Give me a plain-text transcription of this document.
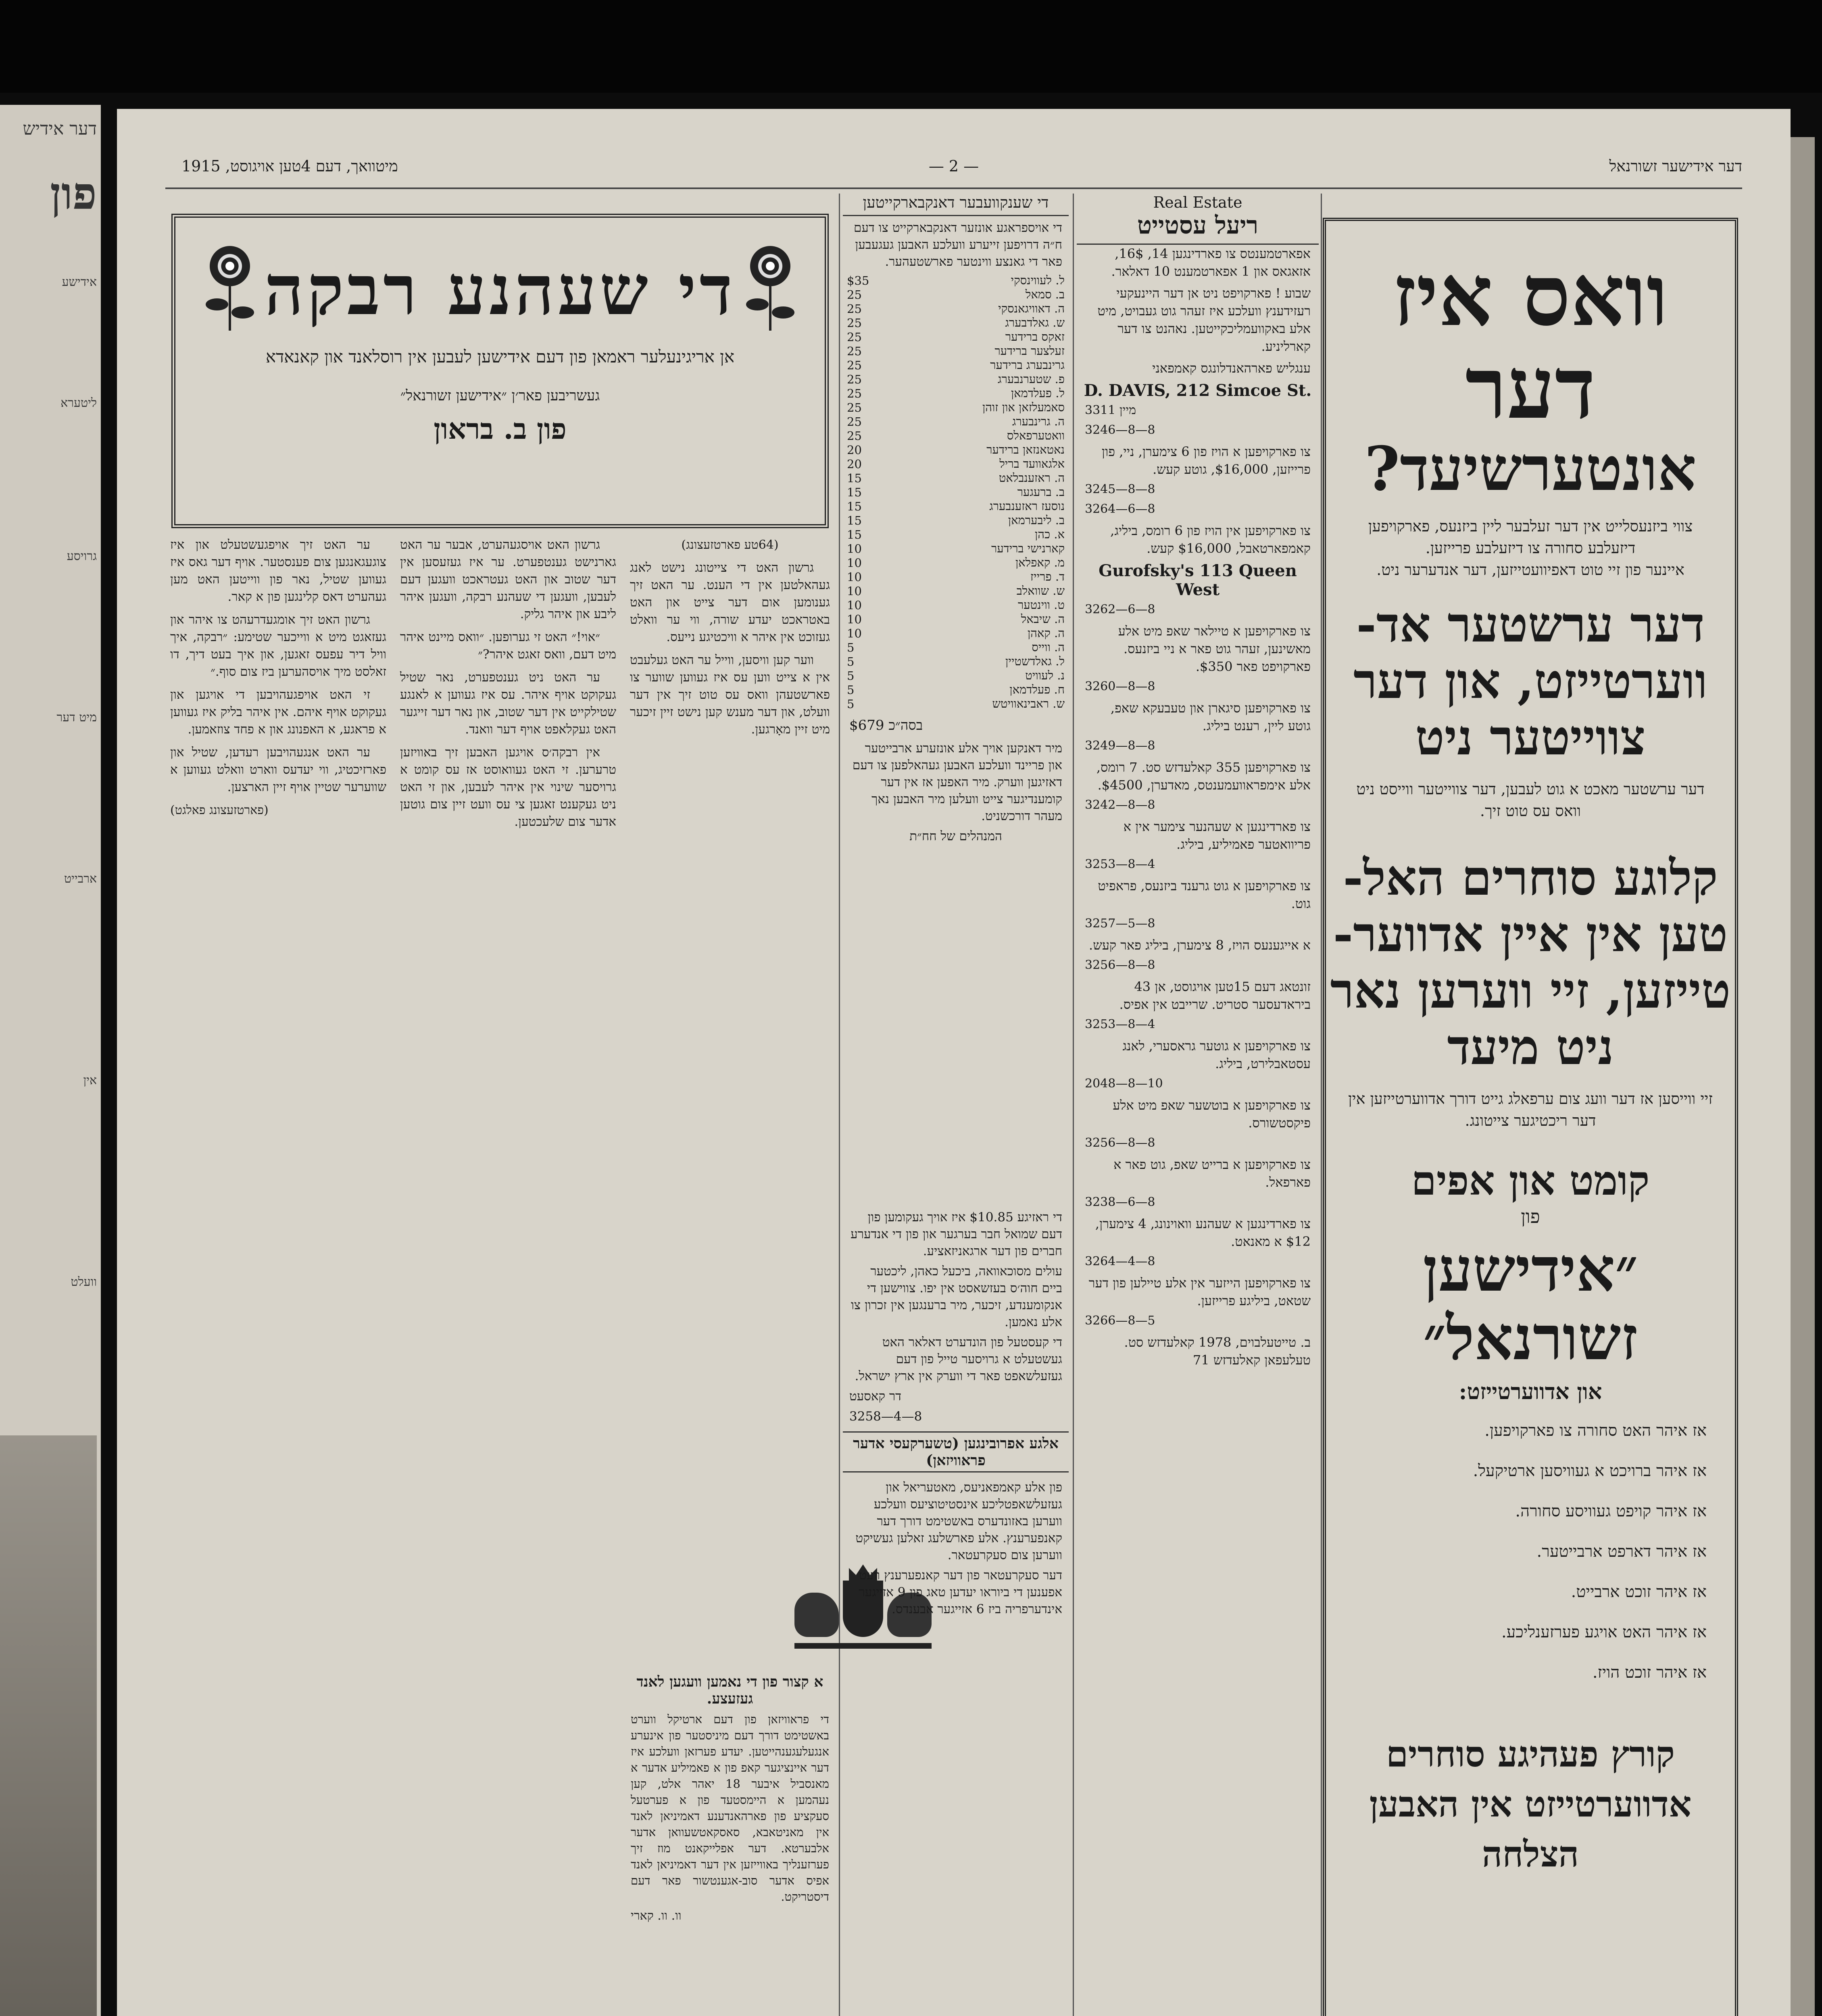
דער אידיש
פון
אידישע
ליטערא
גרויסע
מיט דער
ארבייט
אין
וועלט
דער אידישער זשורנאל
— 2 —
מיטוואך, דעם 4טען אויגוסט, 1915
די שעהנע רבקה
אן אריגינעלער ראמאן פון דעם אידישען לעבען אין רוסלאנד און קאנאדא
געשריבען פאר׳ן ״אידישען זשורנאל״
פון ב. בראון

ער האט זיך אויפגעשטעלט און איז צוגעגאנגען צום פענסטער. אויף דער גאס איז געווען שטיל, נאר פון ווייטען האט מען געהערט דאס קלינגען פון א קאר.

גרשון האט זיך אומגעדרעהט צו איהר און געזאגט מיט א ווייכער שטימע: ״רבקה, איך וויל דיר עפעס זאגען, און איך בעט דיך, דו זאלסט מיך אויסהערען ביז צום סוף.״

זי האט אויפגעהויבען די אויגען און געקוקט אויף איהם. אין איהר בליק איז געווען א פראגע, א האפנונג און א פחד צוזאמען.

ער האט אנגעהויבען רעדען, שטיל און פארזיכטיג, ווי יעדעס ווארט וואלט געווען א שווערער שטיין אויף זיין הארצען.

(פארטזעצונג פאלגט)

גרשון האט אויסגעהערט, אבער ער האט גארנישט גענטפערט. ער איז געזעסען אין דער שטוב און האט געטראכט וועגען דעם לעבען, וועגען די שעהנע רבקה, וועגען איהר ליבע און איהר גליק.

״אוי!״ האט זי גערופען. ״וואס מיינט איהר מיט דעם, וואס זאגט איהר?״

ער האט ניט גענטפערט, נאר שטיל געקוקט אויף איהר. עס איז געווען א לאנגע שטילקייט אין דער שטוב, און נאר דער זייגער האט געקלאפט אויף דער וואנד.

אין רבקה׳ס אויגען האבען זיך באוויזען טרערען. זי האט געוואוסט אז עס קומט א גרויסער שינוי אין איהר לעבען, און זי האט ניט געקענט זאגען צי עס וועט זיין צום גוטען אדער צום שלעכטען.

(64טע פארטזעצונג)

גרשון האט די צייטונג נישט לאנג געהאלטען אין די הענט. ער האט זיך גענומען אום דער צייט און האט באטראכט יעדע שורה, ווי ער וואלט געזוכט אין איהר א וויכטיגע נייעס.

ווער קען וויסען, ווייל ער האט געלעבט אין א צייט ווען עס איז געווען שווער צו פארשטעהן וואס עס טוט זיך אין דער וועלט, און דער מענש קען נישט זיין זיכער מיט זיין מאָרגען.

א קצור פון די נאמען וועגען לאנד געזעצע.

די פראוויזאן פון דעם ארטיקל ווערט באשטימט דורך דעם מיניסטער פון אינערע אנגעלעגענהייטען. יעדע פערזאן וועלכע איז דער איינציגער קאפ פון א פאמיליע אדער א מאנסביל איבער 18 יאהר אלט, קען נעהמען א היימסטעד פון א פערטעל סעקציע פון פארהאנדענע דאמיניאן לאנד אין מאניטאבא, סאסקאטשעוואן אדער אלבערטא. דער אפלייקאנט מוז זיך פערזענליך באווייזען אין דער דאמיניאן לאנד אפיס אדער סוב-אגענטשור פאר דעם דיסטריקט.

וו. וו. קארי

די שענקוועבער דאנקבארקייטען

די אויספראגע אונזער דאנקבארקייט צו דעם ח״ה דרויפען זייערע וועלכע האבען געגעבען פאר די גאנצע ווינטער פארשטעהער.

ל. לעווינסקי	$35
ב. סמאל	25
ה. דאוויגאנסקי	25
ש. גאלדבערג	25
זאקס ברידער	25
זעלצער ברידער	25
גרינבערג ברידער	25
פ. שטערנבערג	25
ל. פעלדמאן	25
סאמעלזאן און זוהן	25
ה. גרינבערג	25
וואטערפאלס	25
נאטאנזאן ברידער	20
אלגאוועד בריל	20
ה. ראזענבלאט	15
ב. ברעגער	15
נוסעז ראזענבערג	15
ב. ליבערמאן	15
א. כהן	15
קארנישי ברידער	10
מ. קאפלאן	10
ד. פרייז	10
ש. שוואלב	10
ט. ווינטער	10
ה. שיבאל	10
ה. קאהן	10
ה. ווייס	5
ל. גאלדשטיין	5
נ. לעוויט	5
ח. פעלדמאן	5
ש. ראבינאוויטש	5
$679 בסה״כ

מיר דאנקען אויך אלע אונזערע ארבייטער און פריינד וועלכע האבען געהאלפען צו דעם דאזיגען ווערק. מיר האפען אז אין דער קומענדיגער צייט וועלען מיר האבען נאך מעהר דורכשניט.

המנהלים של חח״ת

די ראזיגע $10.85 איז אויך געקומען פון דעם שמואל חבר בערגער און פון די אנדערע חברים פון דער ארגאניזאציע.

עולים מסוכאוואה, ביכעל כאהן, ליכטער ביים חוה׳ס בעזשאסט אין יפו. צווישען די אנקומענדע, זיכער, מיר ברענגען אין זכרון צו אלע נאמען.

די קעסטעל פון הונדערט דאלאר האט געשטעלט א גרויסער טייל פון דעם געזעלשאפט פאר די ווערק אין ארץ ישראל.

דר קאסעט

3258—4—8

אלגע אפרובינגען (טשערקעסי אדער פראוויזאן)

פון אלע קאמפאניעס, מאטעריאל און געזעלשאפטליכע אינסטיטוציעס וועלכע ווערען באזונדערס באשטימט דורך דער קאנפערענץ. אלע פארשלעג זאלען געשיקט ווערען צום סעקרעטאר.

דער סעקרעטאר פון דער קאנפערענץ וועט אפענען די ביוראו יעדען טאג פון 9 אזייגער אינדערפריה ביז 6 אזייגער אבענדס.

Real Estate
ריעל עסטייט

אפארטמענטס צו פארדינגען 14, 16$, אזאגאס און 1 אפארטמענט 10 דאלאר.

שבוע ! פארקויפט ניט אן דער היינעקעי רעזידענץ וועלכע איז זעהר גוט געבויט, מיט אלע באקוועמליכקייטען. נאהנט צו דער קארליניע.

ענגליש פארהאנדלונגס קאמפאני

D. DAVIS, 212 Simcoe St.
מיין 3311
3246—8—8

צו פארקויפען א הויז פון 6 צימערן, ניי, פון פרייזען, $16,000, גוטע קעש.

3245—8—8
3264—6—8

צו פארקויפען אין הויז פון 6 רומס, ביליג, קאמפארטאבל, $16,000 קעש.

Gurofsky's 113 Queen West
3262—6—8

צו פארקויפען א טיילאר שאפ מיט אלע מאשינען, זעהר גוט פאר א ניי ביזנעס. פארקויפט פאר $350.

3260—8—8

צו פארקויפען סיגארן און טעבעקא שאפ, גוטע ליין, רענט ביליג.

3249—8—8

צו פארקויפען 355 קאלעדזש סט. 7 רומס, אלע אימפראוועמענטס, מאדערן, $4500.

3242—8—8

צו פארדינגען א שעהנער צימער אין א פריוואטער פאמיליע, ביליג.

3253—8—4

צו פארקויפען א גוט גרענד ביזנעס, פראפיט גוט.

3257—5—8

א אייגענעס הויז, 8 צימערן, ביליג פאר קעש.

3256—8—8

זונטאג דעם 15טען אויגוסט, אן 43 ביראדעסער סטריט. שרייבט אין אפיס.

3253—8—4

צו פארקויפען א גוטער גראסערי, לאנג עסטאבלירט, ביליג.

2048—8—10

צו פארקויפען א בוטשער שאפ מיט אלע פיקסטשורס.

3256—8—8

צו פארקויפען א ברייט שאפ, גוט פאר א פארפאל.

3238—6—8

צו פארדינגען א שעהנע וואוינונג, 4 צימערן, $12 א מאנאט.

3264—4—8

צו פארקויפען הייזער אין אלע טיילען פון דער שטאט, ביליגע פרייזען.

3266—8—5

ב. טייטעלבוים, 1978 קאלעדזש סט. טעלעפאן קאלעדזש 71

וואס איז
דער
אונטערשיעד?
צווי ביזנעסלייט אין דער זעלבער ליין ביזנעס, פארקויפען דיזעלבע סחורה צו דיזעלבע פרייזען.
איינער פון זיי טוט דאפיוועטייזען, דער אנדערער ניט.
דער ערשטער אד-
ווערטייזט, און דער
צווייטער ניט
דער ערשטער מאכט א גוט לעבען, דער צווייטער ווייסט ניט וואס עס טוט זיך.
קלוגע סוחרים האל-
טען אין איין אדווער-
טייזען, זיי ווערען נאר
ניט מיעד
זיי ווייסען אז דער וועג צום ערפאלג גייט דורך אדווערטייזען אין דער ריכטיגער צייטונג.
קומט און אפים
פון
״אידישען
זשורנאל״
און אדווערטייזט:
אז איהר האט סחורה צו פארקויפען.
אז איהר ברויכט א געוויסען ארטיקעל.
אז איהר קויפט געוויסע סחורה.
אז איהר דארפט ארבייטער.
אז איהר זוכט ארבייט.
אז איהר האט אויגע פערזענליכע.
אז איהר זוכט הויז.
קורץ פעהיגע סוחרים
אדווערטייזט אין האבען
הצלחה
